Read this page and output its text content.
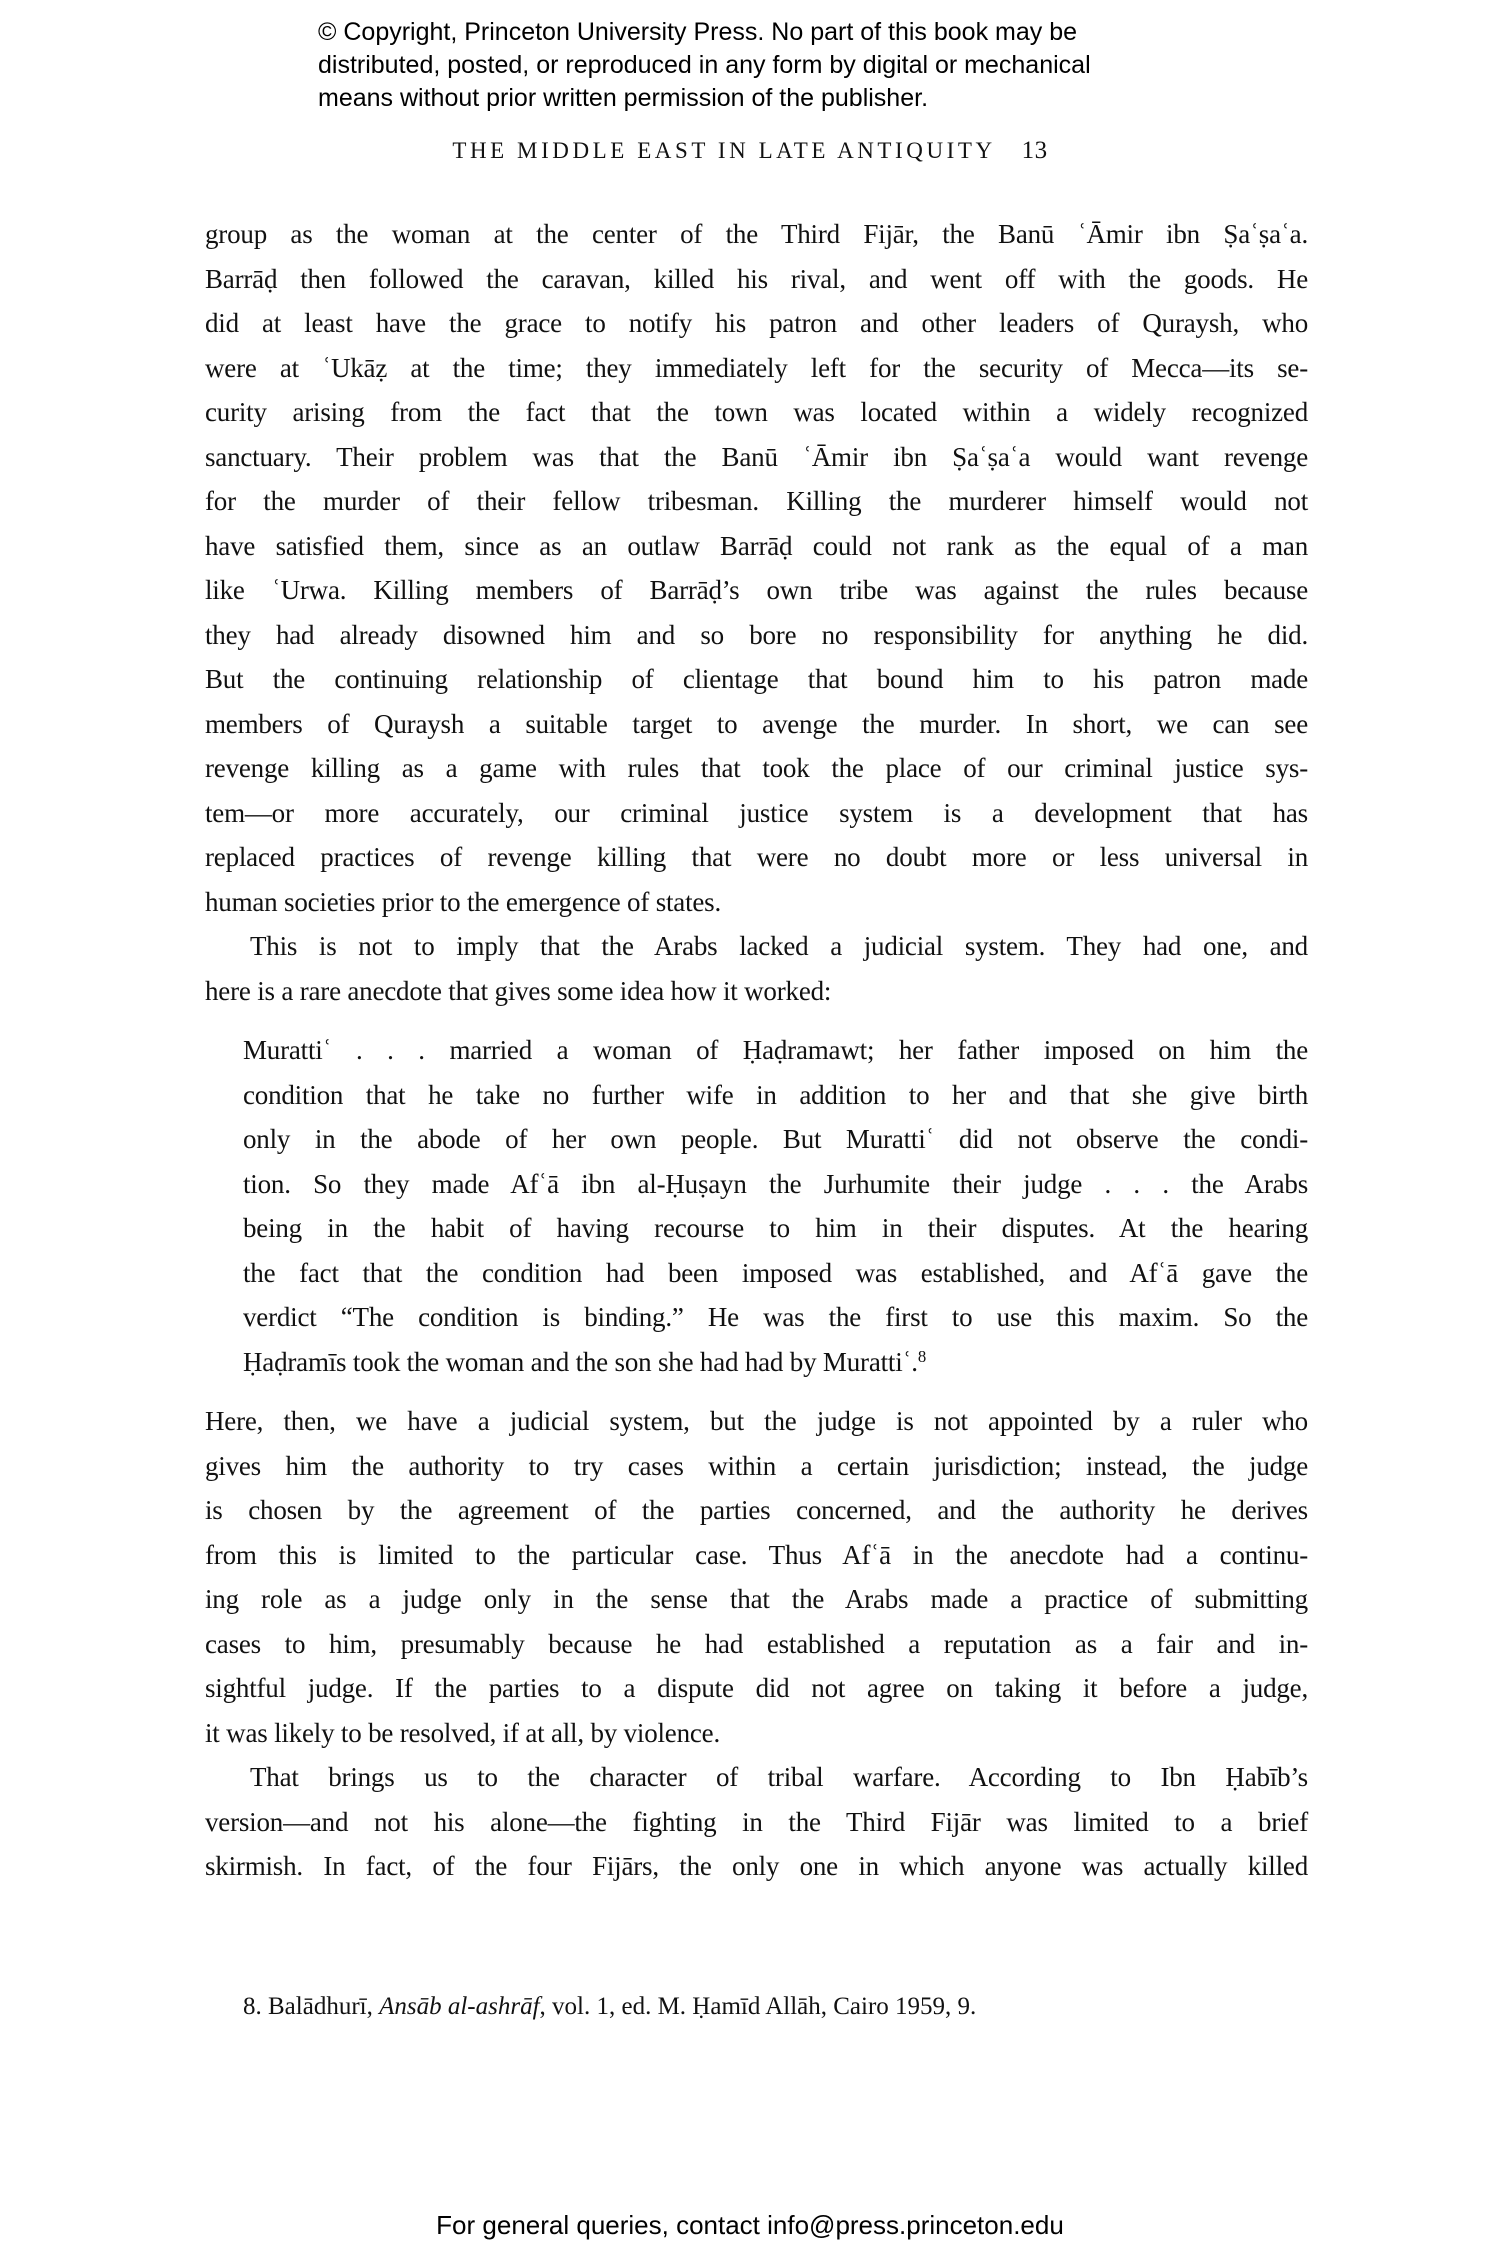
© Copyright, Princeton University Press. No part of this book may be
distributed, posted, or reproduced in any form by digital or mechanical
means without prior written permission of the publisher.
THE MIDDLE EAST IN LATE ANTIQUITY 13
group as the woman at the center of the Third Fijār, the Banū ʿĀmir ibn Ṣaʿṣaʿa.
Barrāḍ then followed the caravan, killed his rival, and went off with the goods. He
did at least have the grace to notify his patron and other leaders of Quraysh, who
were at ʿUkāẓ at the time; they immediately left for the security of Mecca—its se-
curity arising from the fact that the town was located within a widely recognized
sanctuary. Their problem was that the Banū ʿĀmir ibn Ṣaʿṣaʿa would want revenge
for the murder of their fellow tribesman. Killing the murderer himself would not
have satisfied them, since as an outlaw Barrāḍ could not rank as the equal of a man
like ʿUrwa. Killing members of Barrāḍ’s own tribe was against the rules because
they had already disowned him and so bore no responsibility for anything he did.
But the continuing relationship of clientage that bound him to his patron made
members of Quraysh a suitable target to avenge the murder. In short, we can see
revenge killing as a game with rules that took the place of our criminal justice sys-
tem—or more accurately, our criminal justice system is a development that has
replaced practices of revenge killing that were no doubt more or less universal in
human societies prior to the emergence of states.
This is not to imply that the Arabs lacked a judicial system. They had one, and
here is a rare anecdote that gives some idea how it worked:
Murattiʿ . . . married a woman of Ḥaḍramawt; her father imposed on him the
condition that he take no further wife in addition to her and that she give birth
only in the abode of her own people. But Murattiʿ did not observe the condi-
tion. So they made Afʿā ibn al-Ḥuṣayn the Jurhumite their judge . . . the Arabs
being in the habit of having recourse to him in their disputes. At the hearing
the fact that the condition had been imposed was established, and Afʿā gave the
verdict “The condition is binding.” He was the first to use this maxim. So the
Ḥaḍramīs took the woman and the son she had had by Murattiʿ.$^8$
Here, then, we have a judicial system, but the judge is not appointed by a ruler who
gives him the authority to try cases within a certain jurisdiction; instead, the judge
is chosen by the agreement of the parties concerned, and the authority he derives
from this is limited to the particular case. Thus Afʿā in the anecdote had a continu-
ing role as a judge only in the sense that the Arabs made a practice of submitting
cases to him, presumably because he had established a reputation as a fair and in-
sightful judge. If the parties to a dispute did not agree on taking it before a judge,
it was likely to be resolved, if at all, by violence.
That brings us to the character of tribal warfare. According to Ibn Ḥabīb’s
version—and not his alone—the fighting in the Third Fijār was limited to a brief
skirmish. In fact, of the four Fijārs, the only one in which anyone was actually killed
8. Balādhurī, Ansāb al-ashrāf, vol. 1, ed. M. Ḥamīd Allāh, Cairo 1959, 9.
For general queries, contact info@press.princeton.edu
